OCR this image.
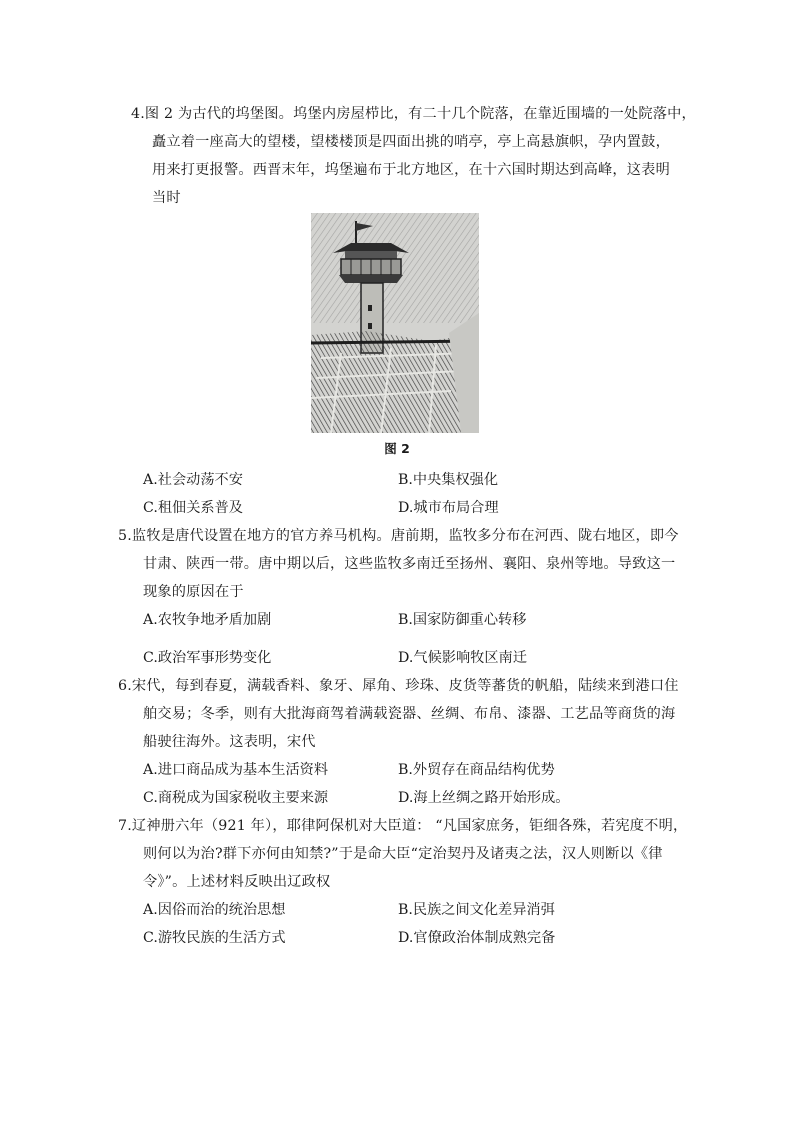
4.图 2 为古代的坞堡图。坞堡内房屋栉比，有二十几个院落，在靠近围墙的一处院落中，
矗立着一座高大的望楼，望楼楼顶是四面出挑的哨亭，亭上高悬旗帜，孕内置鼓，
用来打更报警。西晋末年，坞堡遍布于北方地区，在十六国时期达到高峰，这表明
当时
图 2
A.社会动荡不安	B.中央集权强化
C.租佃关系普及	D.城市布局合理
5.监牧是唐代设置在地方的官方养马机构。唐前期，监牧多分布在河西、陇右地区，即今
甘肃、陕西一带。唐中期以后，这些监牧多南迁至扬州、襄阳、泉州等地。导致这一
现象的原因在于
A.农牧争地矛盾加剧	B.国家防御重心转移
C.政治军事形势变化	D.气候影响牧区南迁
6.宋代，每到春夏，满载香料、象牙、犀角、珍珠、皮货等蕃货的帆船，陆续来到港口住
舶交易；冬季，则有大批海商驾着满载瓷器、丝绸、布帛、漆器、工艺品等商货的海
船驶往海外。这表明，宋代
A.进口商品成为基本生活资料	B.外贸存在商品结构优势
C.商税成为国家税收主要来源	D.海上丝绸之路开始形成。
7.辽神册六年（921 年），耶律阿保机对大臣道： “凡国家庶务，钜细各殊，若宪度不明，
则何以为治?群下亦何由知禁?”于是命大臣“定治契丹及诸夷之法，汉人则断以《律
令》”。上述材料反映出辽政权
A.因俗而治的统治思想	B.民族之间文化差异消弭
C.游牧民族的生活方式	D.官僚政治体制成熟完备
